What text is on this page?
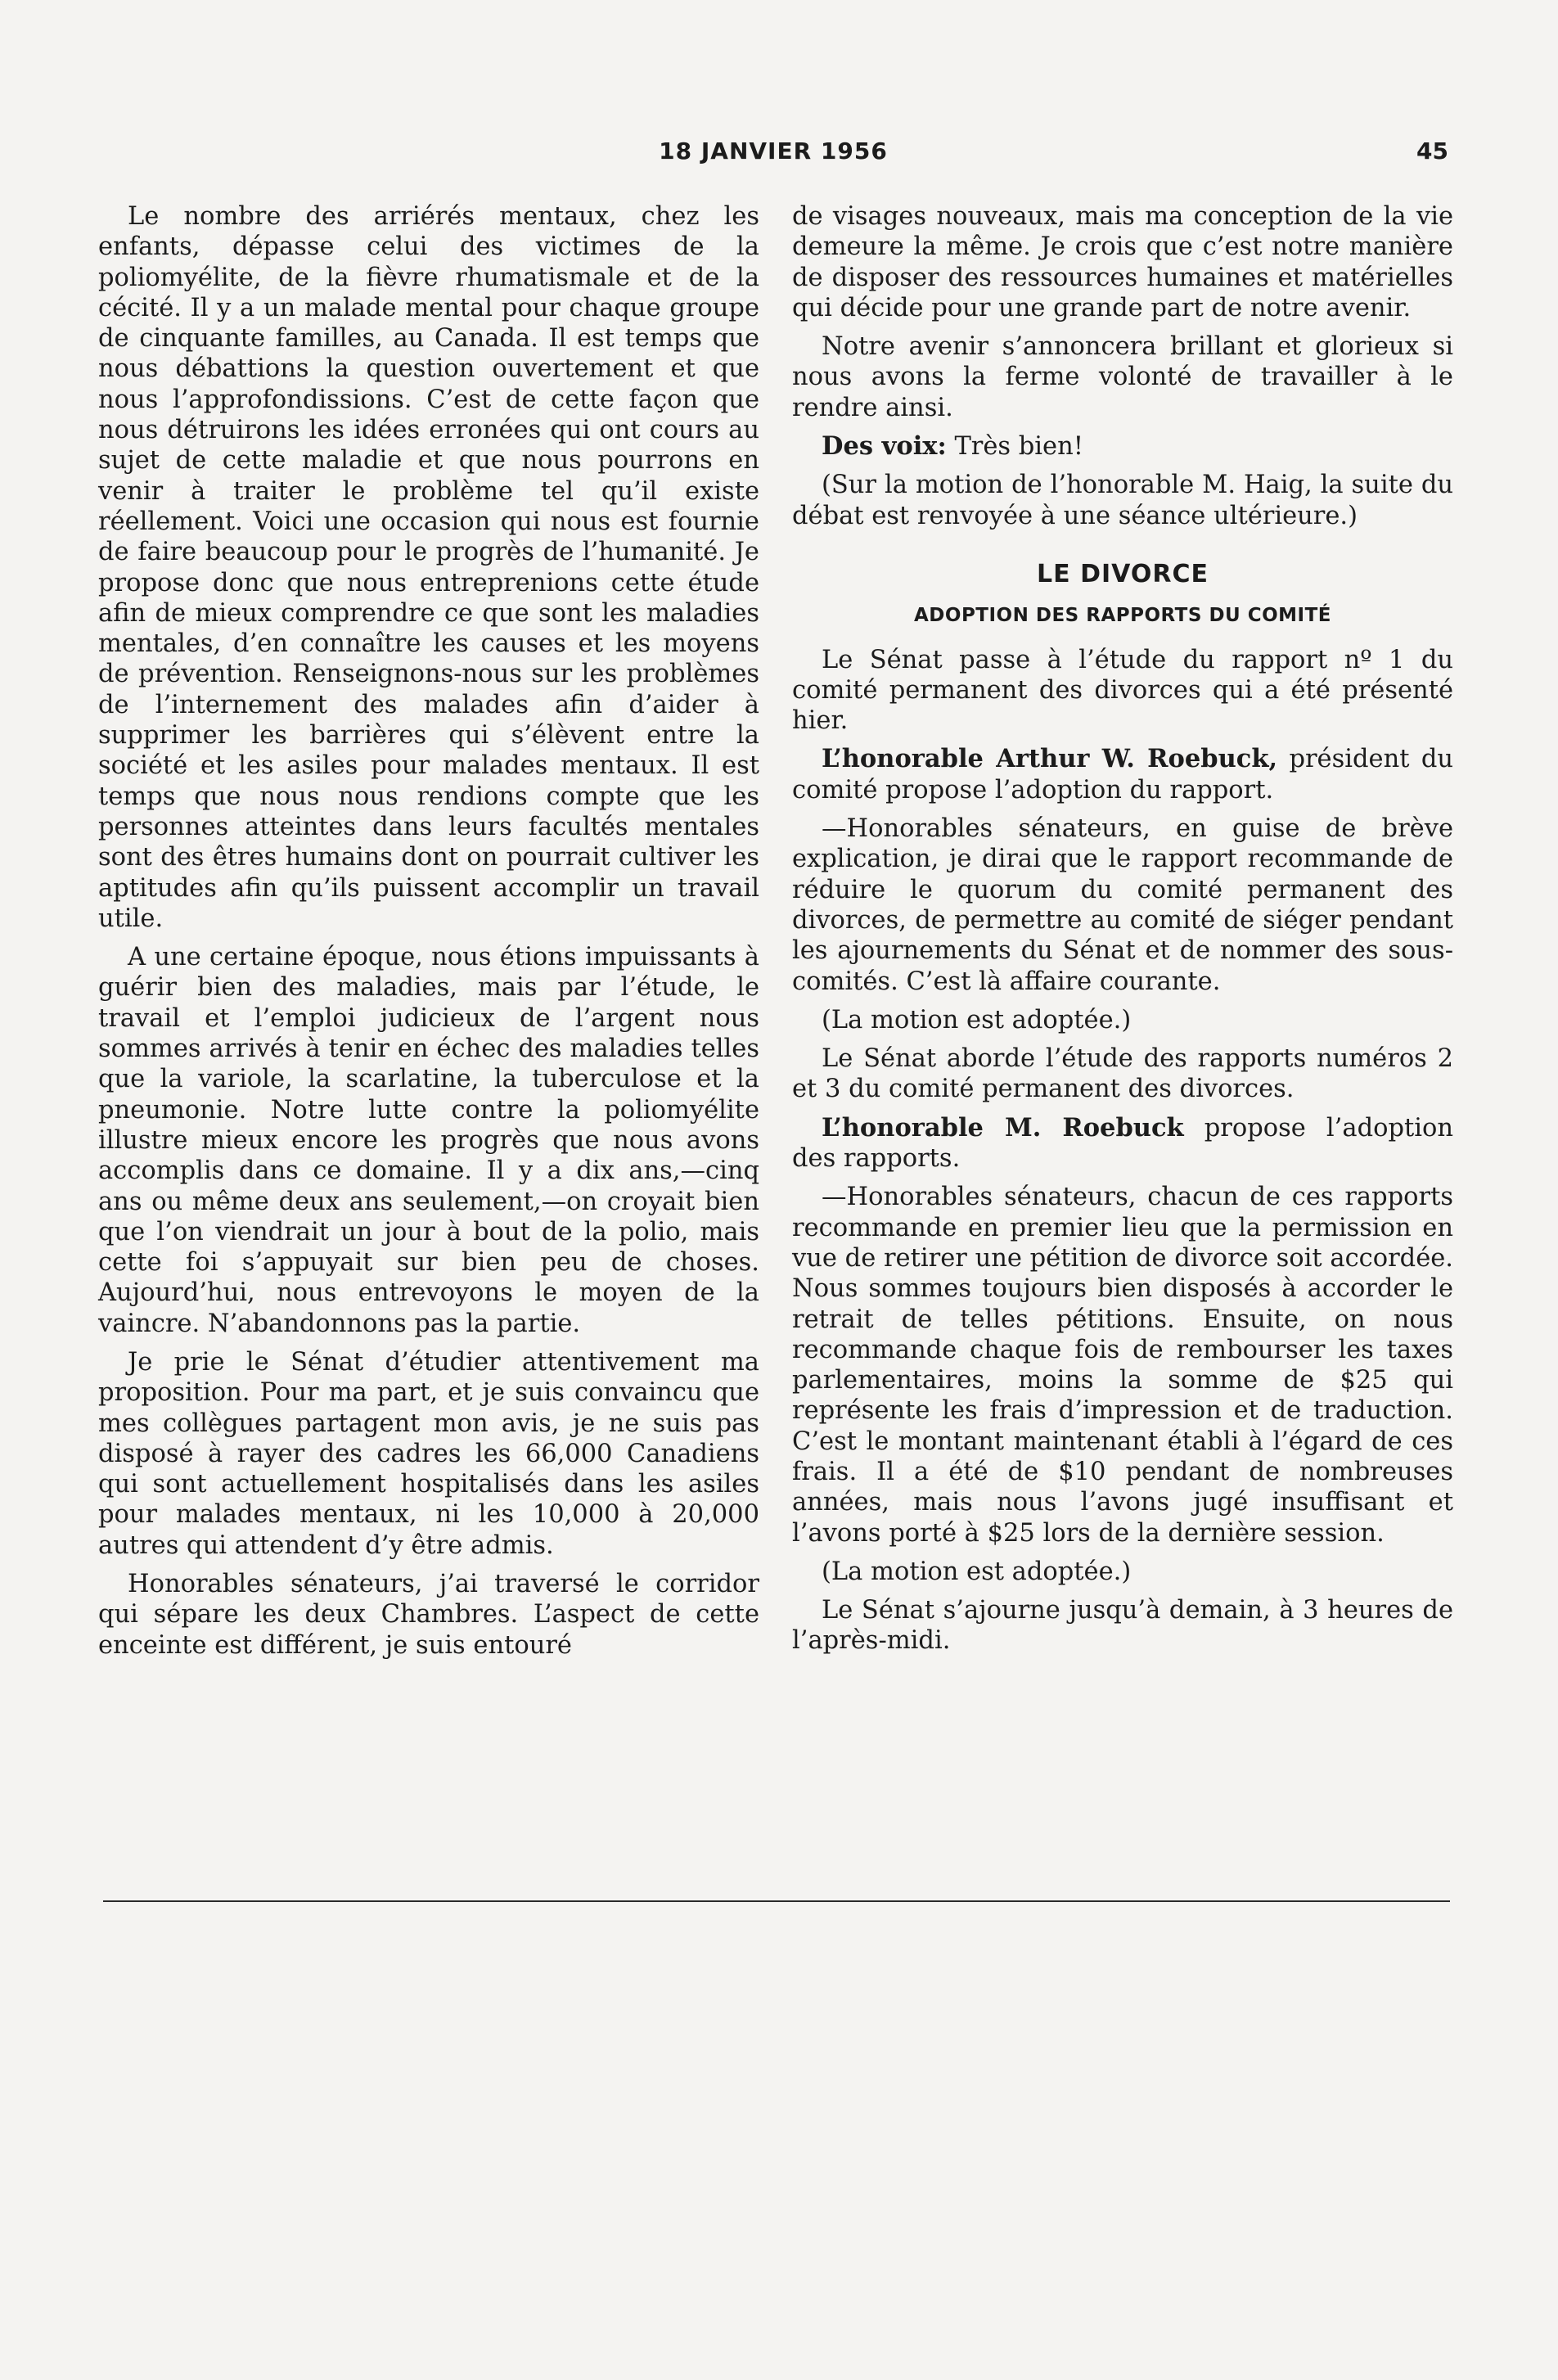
18 JANVIER 1956	45

Le nombre des arriérés mentaux, chez les enfants, dépasse celui des victimes de la poliomyélite, de la fièvre rhumatismale et de la cécité. Il y a un malade mental pour chaque groupe de cinquante familles, au Canada. Il est temps que nous débattions la question ouvertement et que nous l’approfondissions. C’est de cette façon que nous détruirons les idées erronées qui ont cours au sujet de cette maladie et que nous pourrons en venir à traiter le problème tel qu’il existe réellement. Voici une occasion qui nous est fournie de faire beaucoup pour le progrès de l’humanité. Je propose donc que nous entreprenions cette étude afin de mieux comprendre ce que sont les maladies mentales, d’en connaître les causes et les moyens de prévention. Renseignons-nous sur les problèmes de l’internement des malades afin d’aider à supprimer les barrières qui s’élèvent entre la société et les asiles pour malades mentaux. Il est temps que nous nous rendions compte que les personnes atteintes dans leurs facultés mentales sont des êtres humains dont on pourrait cultiver les aptitudes afin qu’ils puissent accomplir un travail utile.

A une certaine époque, nous étions impuissants à guérir bien des maladies, mais par l’étude, le travail et l’emploi judicieux de l’argent nous sommes arrivés à tenir en échec des maladies telles que la variole, la scarlatine, la tuberculose et la pneumonie. Notre lutte contre la poliomyélite illustre mieux encore les progrès que nous avons accomplis dans ce domaine. Il y a dix ans,—cinq ans ou même deux ans seulement,—on croyait bien que l’on viendrait un jour à bout de la polio, mais cette foi s’appuyait sur bien peu de choses. Aujourd’hui, nous entrevoyons le moyen de la vaincre. N’abandonnons pas la partie.

Je prie le Sénat d’étudier attentivement ma proposition. Pour ma part, et je suis convaincu que mes collègues partagent mon avis, je ne suis pas disposé à rayer des cadres les 66,000 Canadiens qui sont actuellement hospitalisés dans les asiles pour malades mentaux, ni les 10,000 à 20,000 autres qui attendent d’y être admis.

Honorables sénateurs, j’ai traversé le corridor qui sépare les deux Chambres. L’aspect de cette enceinte est différent, je suis entouré

de visages nouveaux, mais ma conception de la vie demeure la même. Je crois que c’est notre manière de disposer des ressources humaines et matérielles qui décide pour une grande part de notre avenir.

Notre avenir s’annoncera brillant et glorieux si nous avons la ferme volonté de travailler à le rendre ainsi.

Des voix: Très bien!

(Sur la motion de l’honorable M. Haig, la suite du débat est renvoyée à une séance ultérieure.)

LE DIVORCE
ADOPTION DES RAPPORTS DU COMITÉ

Le Sénat passe à l’étude du rapport nº 1 du comité permanent des divorces qui a été présenté hier.

L’honorable Arthur W. Roebuck, président du comité propose l’adoption du rapport.

—Honorables sénateurs, en guise de brève explication, je dirai que le rapport recommande de réduire le quorum du comité permanent des divorces, de permettre au comité de siéger pendant les ajournements du Sénat et de nommer des sous-comités. C’est là affaire courante.

(La motion est adoptée.)

Le Sénat aborde l’étude des rapports numéros 2 et 3 du comité permanent des divorces.

L’honorable M. Roebuck propose l’adoption des rapports.

—Honorables sénateurs, chacun de ces rapports recommande en premier lieu que la permission en vue de retirer une pétition de divorce soit accordée. Nous sommes toujours bien disposés à accorder le retrait de telles pétitions. Ensuite, on nous recommande chaque fois de rembourser les taxes parlementaires, moins la somme de $25 qui représente les frais d’impression et de traduction. C’est le montant maintenant établi à l’égard de ces frais. Il a été de $10 pendant de nombreuses années, mais nous l’avons jugé insuffisant et l’avons porté à $25 lors de la dernière session.

(La motion est adoptée.)

Le Sénat s’ajourne jusqu’à demain, à 3 heures de l’après-midi.
